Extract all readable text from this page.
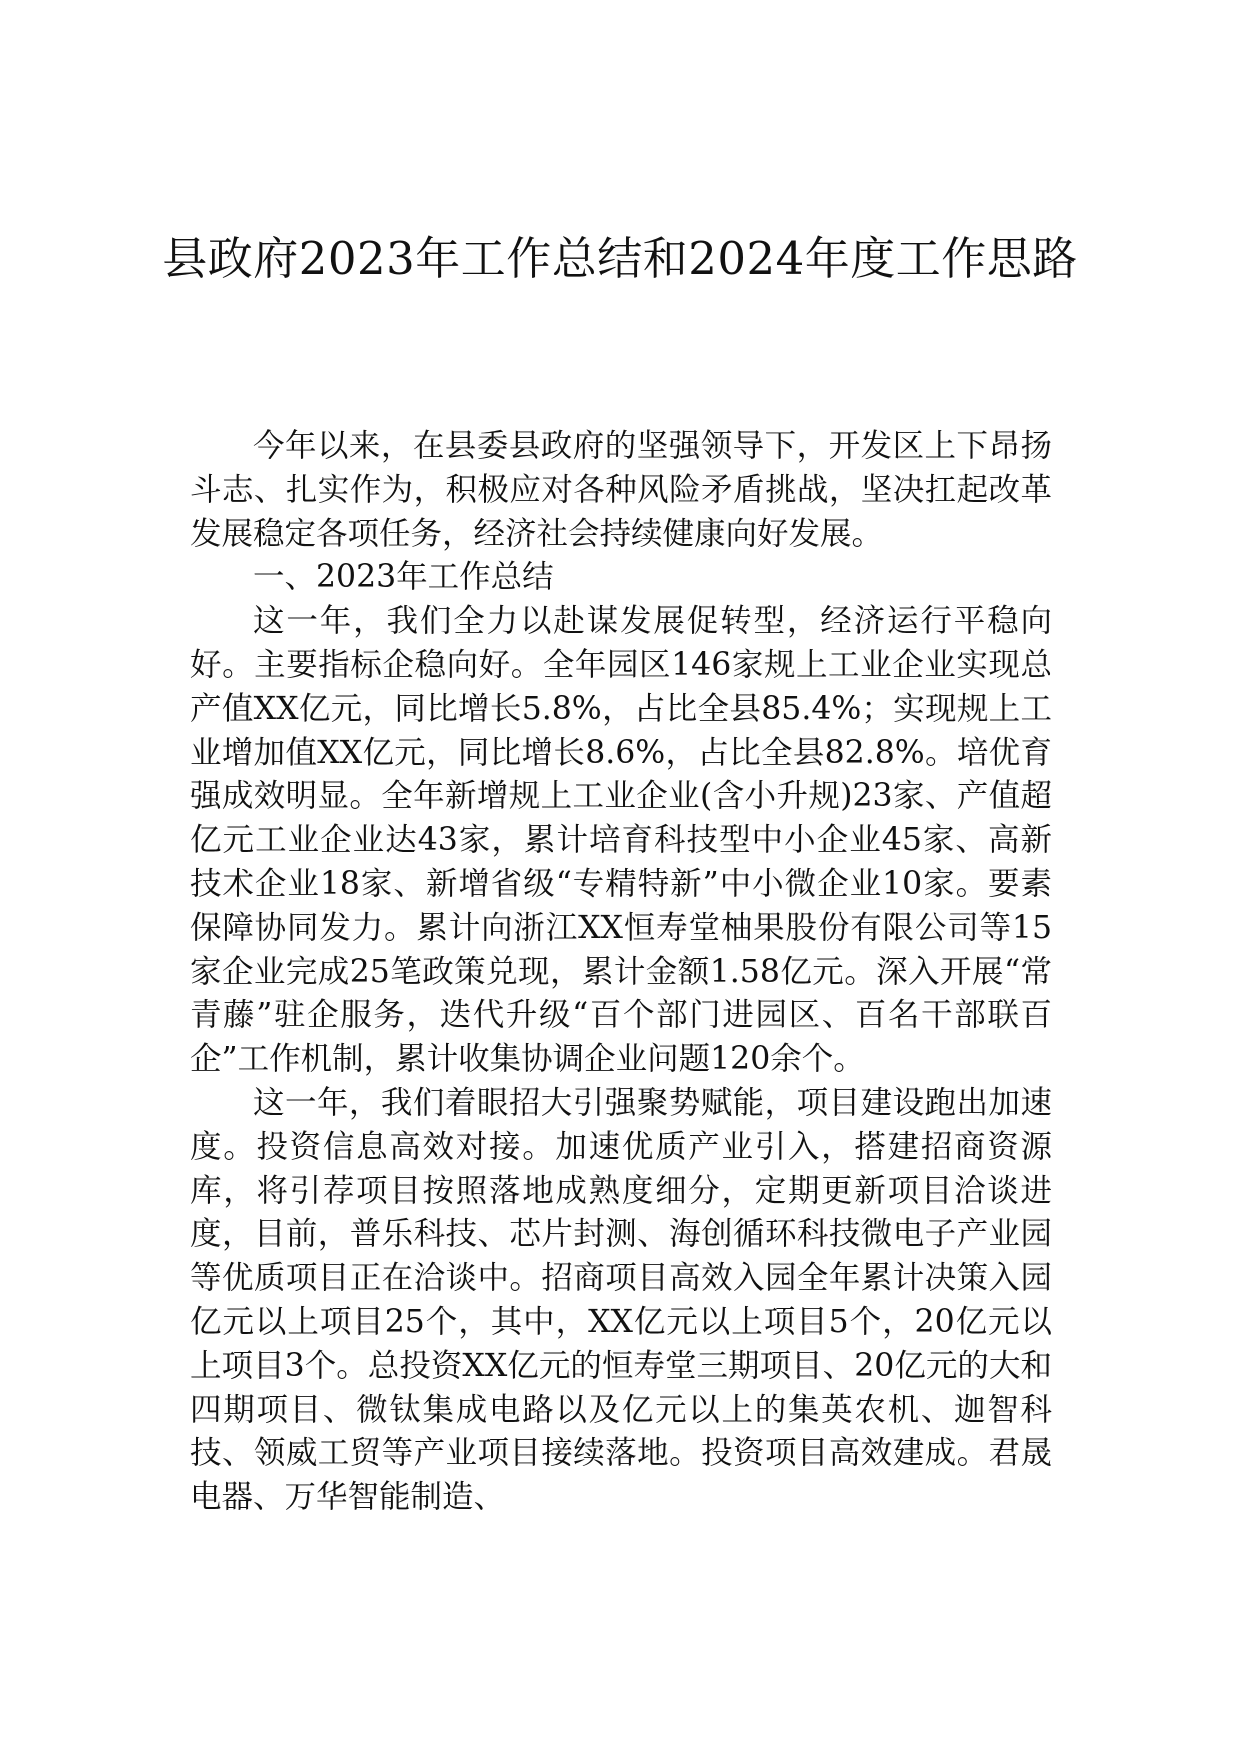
县政府2023年工作总结和2024年度工作思路

今年以来，在县委县政府的坚强领导下，开发区上下昂扬斗志、扎实作为，积极应对各种风险矛盾挑战，坚决扛起改革发展稳定各项任务，经济社会持续健康向好发展。

一、2023年工作总结

这一年，我们全力以赴谋发展促转型，经济运行平稳向好。主要指标企稳向好。全年园区146家规上工业企业实现总产值XX亿元，同比增长5.8%，占比全县85.4%；实现规上工业增加值XX亿元，同比增长8.6%，占比全县82.8%。培优育强成效明显。全年新增规上工业企业(含小升规)23家、产值超亿元工业企业达43家，累计培育科技型中小企业45家、高新技术企业18家、新增省级“专精特新”中小微企业10家。要素保障协同发力。累计向浙江XX恒寿堂柚果股份有限公司等15家企业完成25笔政策兑现，累计金额1.58亿元。深入开展“常青藤”驻企服务，迭代升级“百个部门进园区、百名干部联百企”工作机制，累计收集协调企业问题120余个。

这一年，我们着眼招大引强聚势赋能，项目建设跑出加速度。投资信息高效对接。加速优质产业引入，搭建招商资源库，将引荐项目按照落地成熟度细分，定期更新项目洽谈进度，目前，普乐科技、芯片封测、海创循环科技微电子产业园等优质项目正在洽谈中。招商项目高效入园全年累计决策入园亿元以上项目25个，其中，XX亿元以上项目5个，20亿元以上项目3个。总投资XX亿元的恒寿堂三期项目、20亿元的大和四期项目、微钛集成电路以及亿元以上的集英农机、迦智科技、领威工贸等产业项目接续落地。投资项目高效建成。君晟电器、万华智能制造、
